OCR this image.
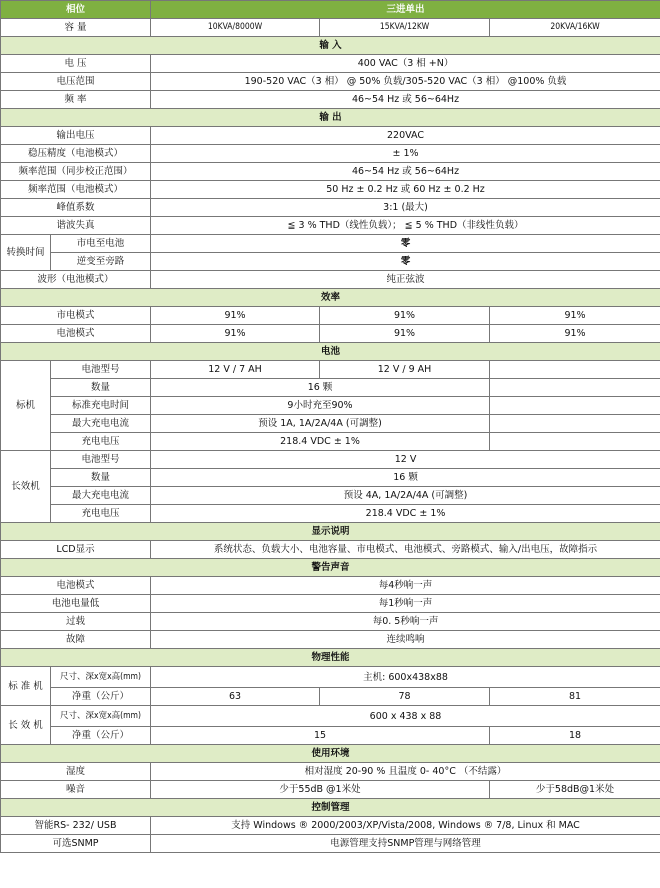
相位		三进单出		
容 量		10KVA/8000W	15KVA/12KW	20KVA/16KW
输 入				
电 压		400 VAC（3 相 +N）		
电压范围		190-520 VAC（3 相） @ 50% 负载/305-520 VAC（3 相） @100% 负载		
频 率		46~54 Hz 或 56~64Hz		
输 出				
输出电压		220VAC		
稳压精度（电池模式）		± 1%		
频率范围（同步校正范围）		46~54 Hz 或 56~64Hz		
频率范围（电池模式）		50 Hz ± 0.2 Hz 或 60 Hz ± 0.2 Hz		
峰值系数		3:1 (最大)		
谐波失真		≦ 3 % THD（线性负载）； ≦ 5 % THD（非线性负载）		
转换时间	市电至电池	零		
	逆变至旁路	零		
波形（电池模式）		纯正弦波		
效率				
市电模式		91%	91%	91%
电池模式		91%	91%	91%
电池				
标机	电池型号	12 V / 7 AH	12 V / 9 AH	
	数量	16 颗		
	标准充电时间	9小时充至90%		
	最大充电电流	预设 1A, 1A/2A/4A (可調整)		
	充电电压	218.4 VDC ± 1%		
长效机	电池型号	12 V		
	数量	16 颗		
	最大充电电流	预设 4A, 1A/2A/4A (可調整)		
	充电电压	218.4 VDC ± 1%		
显示说明				
LCD显示		系统状态、负载大小、电池容量、市电模式、电池模式、旁路模式、输入/出电压，故障指示		
警告声音				
电池模式		每4秒响一声		
电池电量低		每1秒响一声		
过载		每0. 5秒响一声		
故障		连续鸣响		
物理性能				
标 准 机	尺寸、深x宽x高(mm)	主机: 600x438x88		
	净重（公斤）	63	78	81
长 效 机	尺寸、深x宽x高(mm)	600 x 438 x 88		
	净重（公斤）	15		18
使用环境				
湿度		相对湿度 20-90 % 且温度 0- 40°C （不结露）		
噪音		少于55dB @1米处		少于58dB@1米处
控制管理				
智能RS- 232/ USB		支持 Windows ® 2000/2003/XP/Vista/2008, Windows ® 7/8, Linux 和 MAC		
可选SNMP		电源管理支持SNMP管理与网络管理		
